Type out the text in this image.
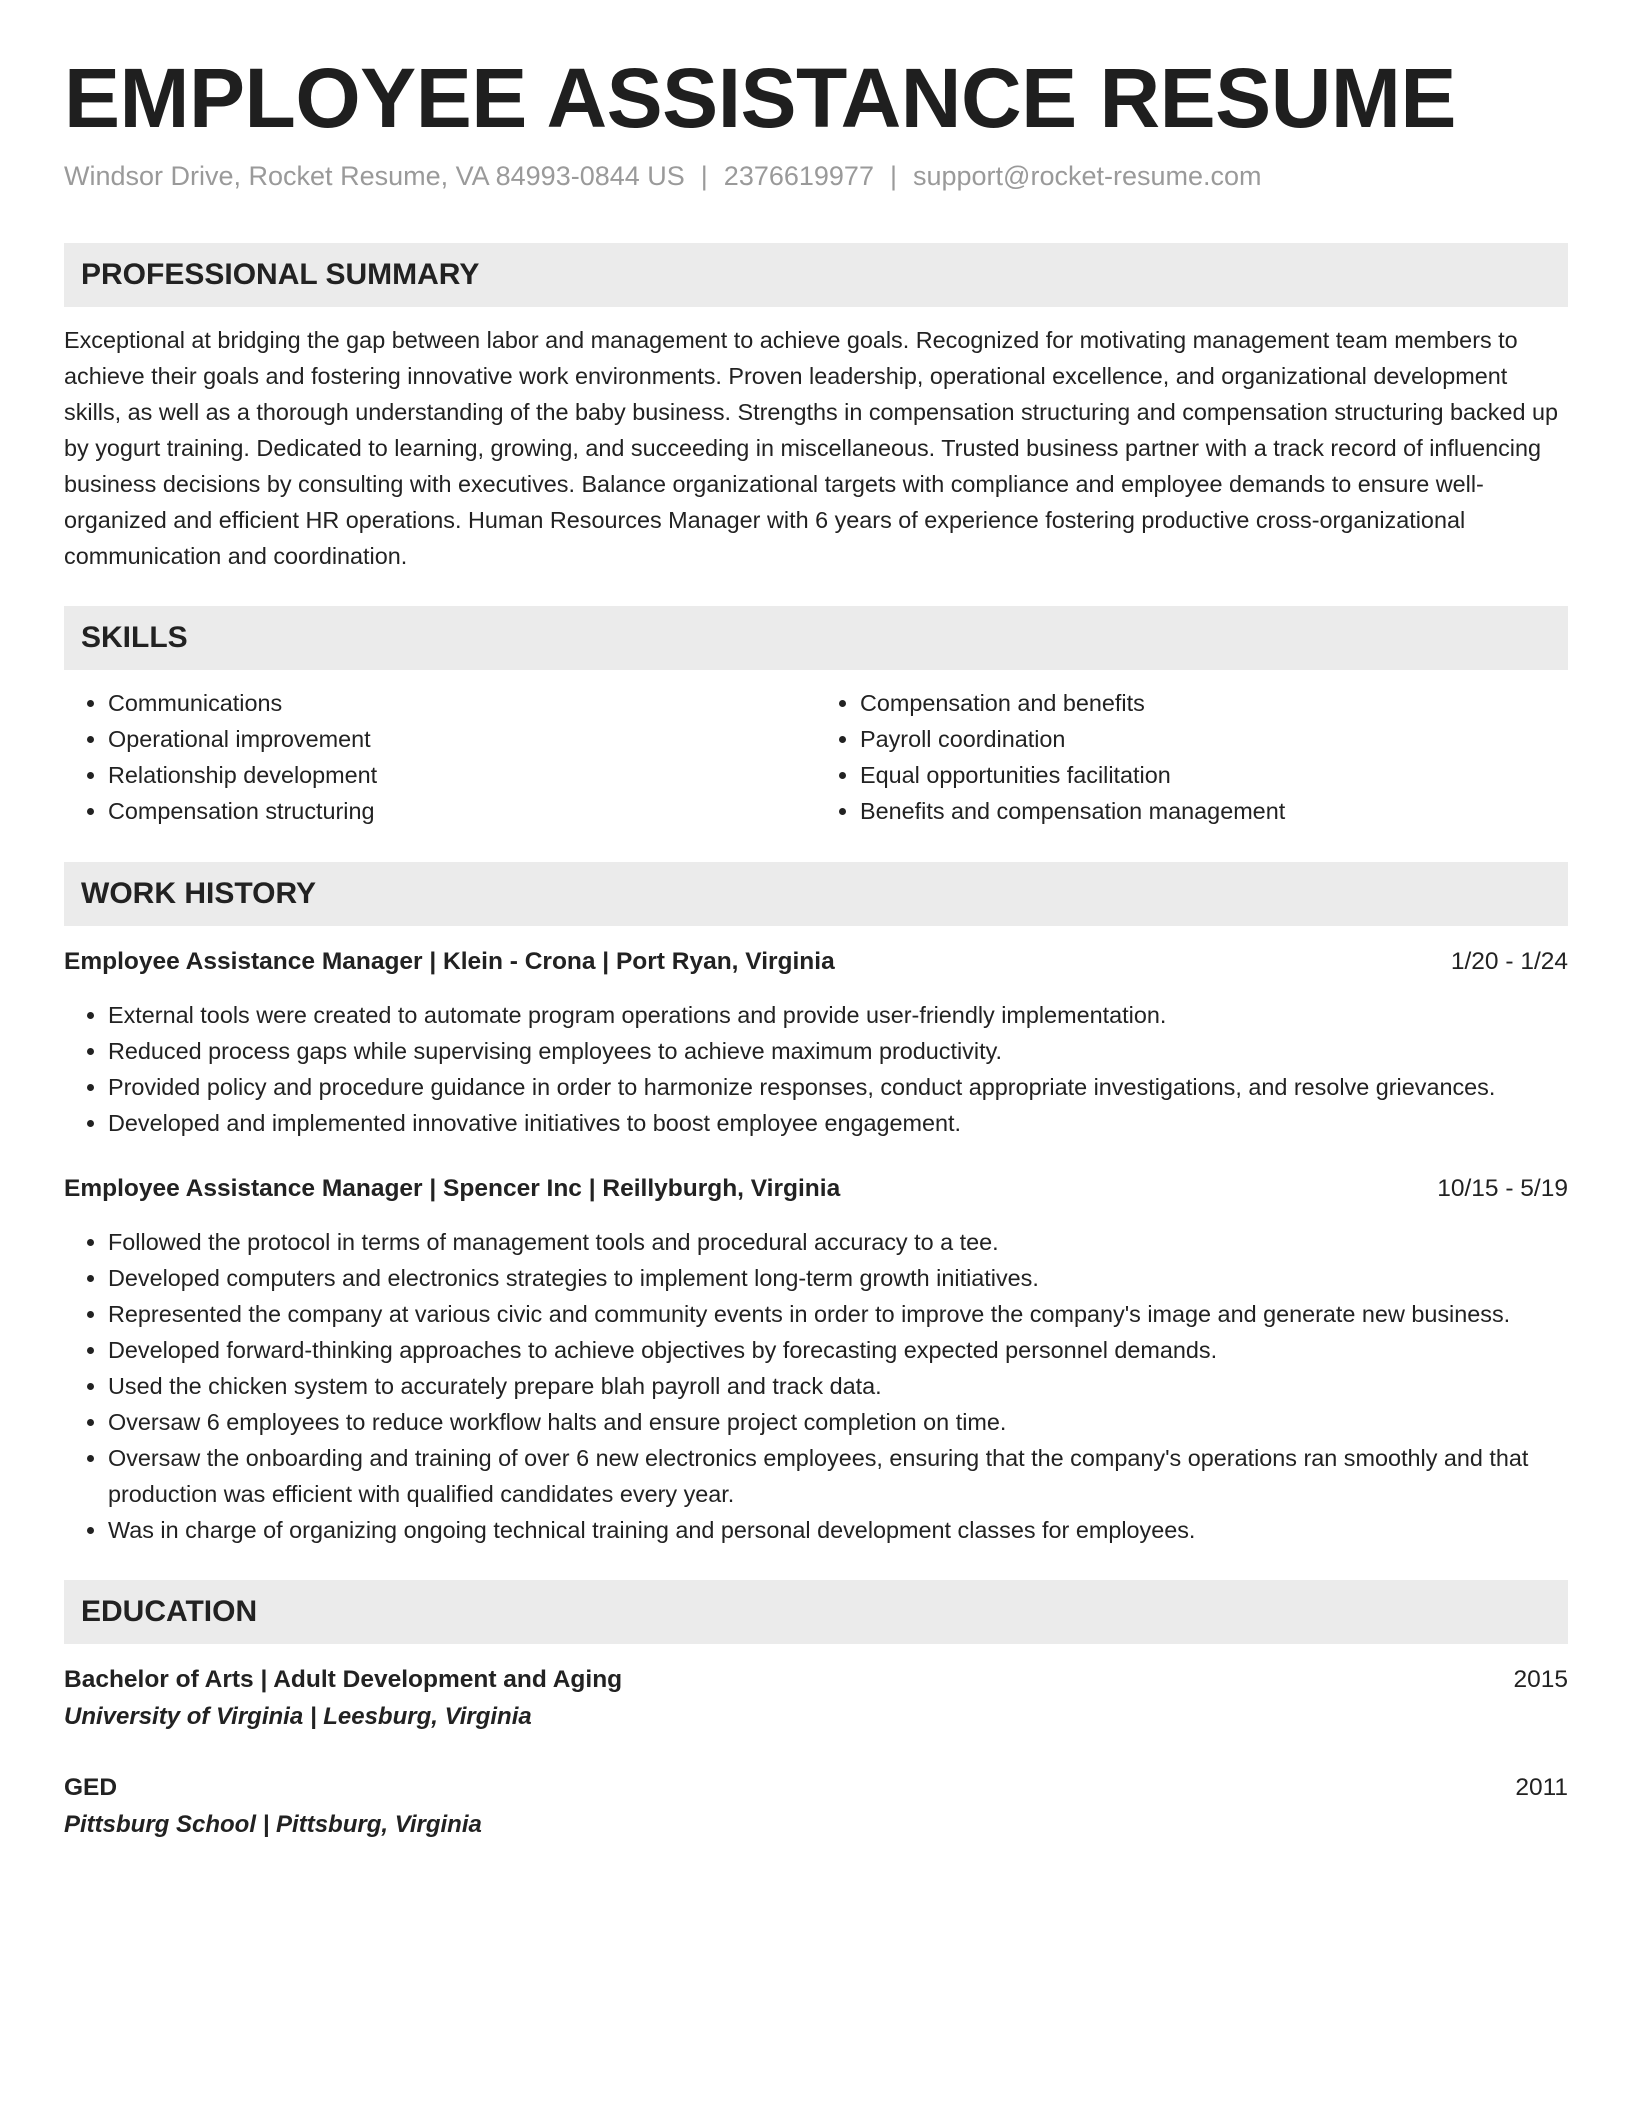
EMPLOYEE ASSISTANCE RESUME
Windsor Drive, Rocket Resume, VA 84993-0844 US | 2376619977 | support@rocket-resume.com
PROFESSIONAL SUMMARY

Exceptional at bridging the gap between labor and management to achieve goals. Recognized for motivating management team members to achieve their goals and fostering innovative work environments. Proven leadership, operational excellence, and organizational development skills, as well as a thorough understanding of the baby business. Strengths in compensation structuring and compensation structuring backed up by yogurt training. Dedicated to learning, growing, and succeeding in miscellaneous. Trusted business partner with a track record of influencing business decisions by consulting with executives. Balance organizational targets with compliance and employee demands to ensure well-organized and efficient HR operations. Human Resources Manager with 6 years of experience fostering productive cross-organizational communication and coordination.

SKILLS
• Communications
• Operational improvement
• Relationship development
• Compensation structuring
• Compensation and benefits
• Payroll coordination
• Equal opportunities facilitation
• Benefits and compensation management
WORK HISTORY
Employee Assistance Manager | Klein - Crona | Port Ryan, Virginia	1/20 - 1/24
• External tools were created to automate program operations and provide user-friendly implementation.
• Reduced process gaps while supervising employees to achieve maximum productivity.
• Provided policy and procedure guidance in order to harmonize responses, conduct appropriate investigations, and resolve grievances.
• Developed and implemented innovative initiatives to boost employee engagement.
Employee Assistance Manager | Spencer Inc | Reillyburgh, Virginia	10/15 - 5/19
• Followed the protocol in terms of management tools and procedural accuracy to a tee.
• Developed computers and electronics strategies to implement long-term growth initiatives.
• Represented the company at various civic and community events in order to improve the company's image and generate new business.
• Developed forward-thinking approaches to achieve objectives by forecasting expected personnel demands.
• Used the chicken system to accurately prepare blah payroll and track data.
• Oversaw 6 employees to reduce workflow halts and ensure project completion on time.
• Oversaw the onboarding and training of over 6 new electronics employees, ensuring that the company's operations ran smoothly and that production was efficient with qualified candidates every year.
• Was in charge of organizing ongoing technical training and personal development classes for employees.
EDUCATION
Bachelor of Arts | Adult Development and Aging	2015
University of Virginia | Leesburg, Virginia
GED	2011
Pittsburg School | Pittsburg, Virginia
